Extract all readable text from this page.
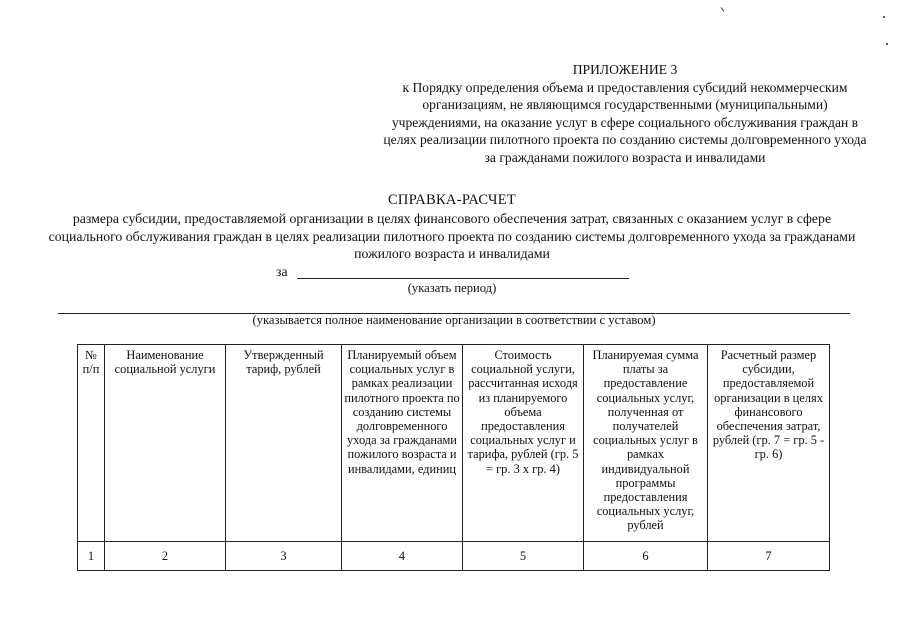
ПРИЛОЖЕНИЕ 3
к Порядку определения объема и предоставления субсидий некоммерческим организациям, не являющимся государственными (муниципальными) учреждениями, на оказание услуг в сфере социального обслуживания граждан в целях реализации пилотного проекта по созданию системы долговременного ухода за гражданами пожилого возраста и инвалидами
СПРАВКА-РАСЧЕТ
размера субсидии, предоставляемой организации в целях финансового обеспечения затрат, связанных с оказанием услуг в сфере социального обслуживания граждан в целях реализации пилотного проекта по созданию системы долговременного ухода за гражданами пожилого возраста и инвалидами
за
(указать период)
(указывается полное наименование организации в соответствии с уставом)
№ п/п	Наименование социальной услуги	Утвержденный тариф, рублей	Планируемый объем социальных услуг в рамках реализации пилотного проекта по созданию системы долговременного ухода за гражданами пожилого возраста и инвалидами, единиц	Стоимость социальной услуги, рассчитанная исходя из планируемого объема предоставления социальных услуг и тарифа, рублей (гр. 5 = гр. 3 х гр. 4)	Планируемая сумма платы за предоставление социальных услуг, полученная от получателей социальных услуг в рамках индивидуальной программы предоставления социальных услуг, рублей	Расчетный размер субсидии, предоставляемой организации в целях финансового обеспечения затрат, рублей (гр. 7 = гр. 5 - гр. 6)
1	2	3	4	5	6	7
